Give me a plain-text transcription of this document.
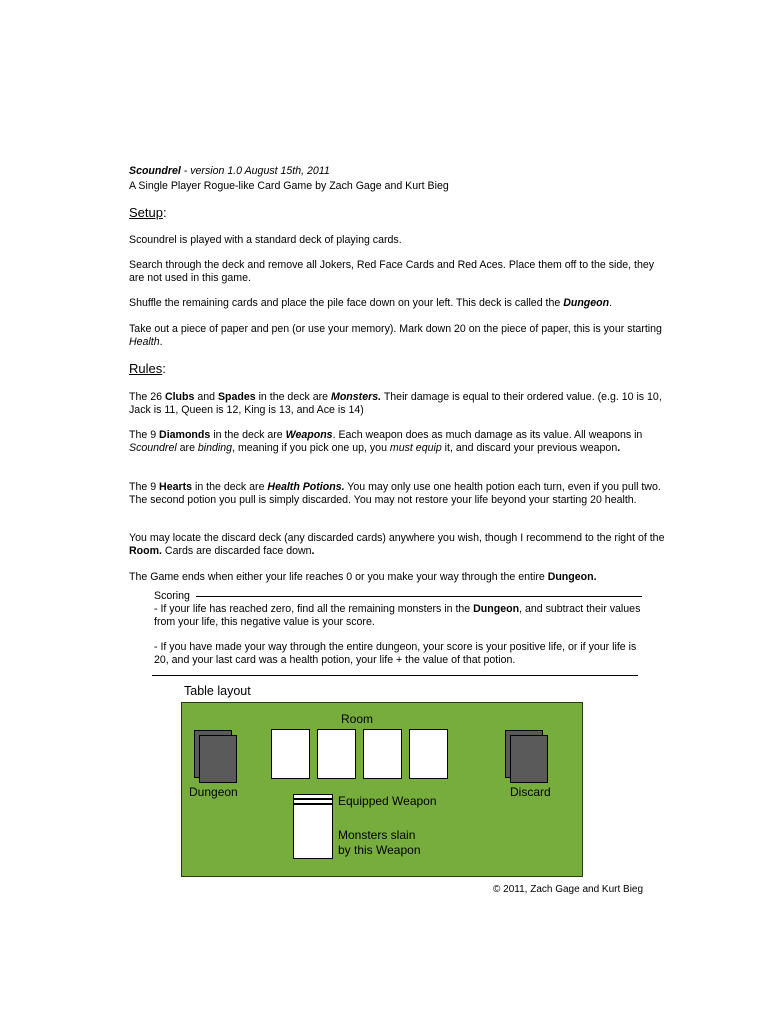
Scoundrel - version 1.0 August 15th, 2011
A Single Player Rogue-like Card Game by Zach Gage and Kurt Bieg
Setup:

Scoundrel is played with a standard deck of playing cards.

Search through the deck and remove all Jokers, Red Face Cards and Red Aces. Place them off to the side, they are not used in this game.

Shuffle the remaining cards and place the pile face down on your left. This deck is called the Dungeon.

Take out a piece of paper and pen (or use your memory). Mark down 20 on the piece of paper, this is your starting Health.

Rules:

The 26 Clubs and Spades in the deck are Monsters. Their damage is equal to their ordered value. (e.g. 10 is 10, Jack is 11, Queen is 12, King is 13, and Ace is 14)

The 9 Diamonds in the deck are Weapons. Each weapon does as much damage as its value. All weapons in Scoundrel are binding, meaning if you pick one up, you must equip it, and discard your previous weapon.

The 9 Hearts in the deck are Health Potions. You may only use one health potion each turn, even if you pull two. The second potion you pull is simply discarded. You may not restore your life beyond your starting 20 health.

You may locate the discard deck (any discarded cards) anywhere you wish, though I recommend to the right of the Room. Cards are discarded face down.

The Game ends when either your life reaches 0 or you make your way through the entire Dungeon.

Scoring

- If your life has reached zero, find all the remaining monsters in the Dungeon, and subtract their values from your life, this negative value is your score.

- If you have made your way through the entire dungeon, your score is your positive life, or if your life is 20, and your last card was a health potion, your life + the value of that potion.

Table layout
Room
Dungeon	Discard
Equipped Weapon
Monsters slain
by this Weapon
© 2011, Zach Gage and Kurt Bieg
